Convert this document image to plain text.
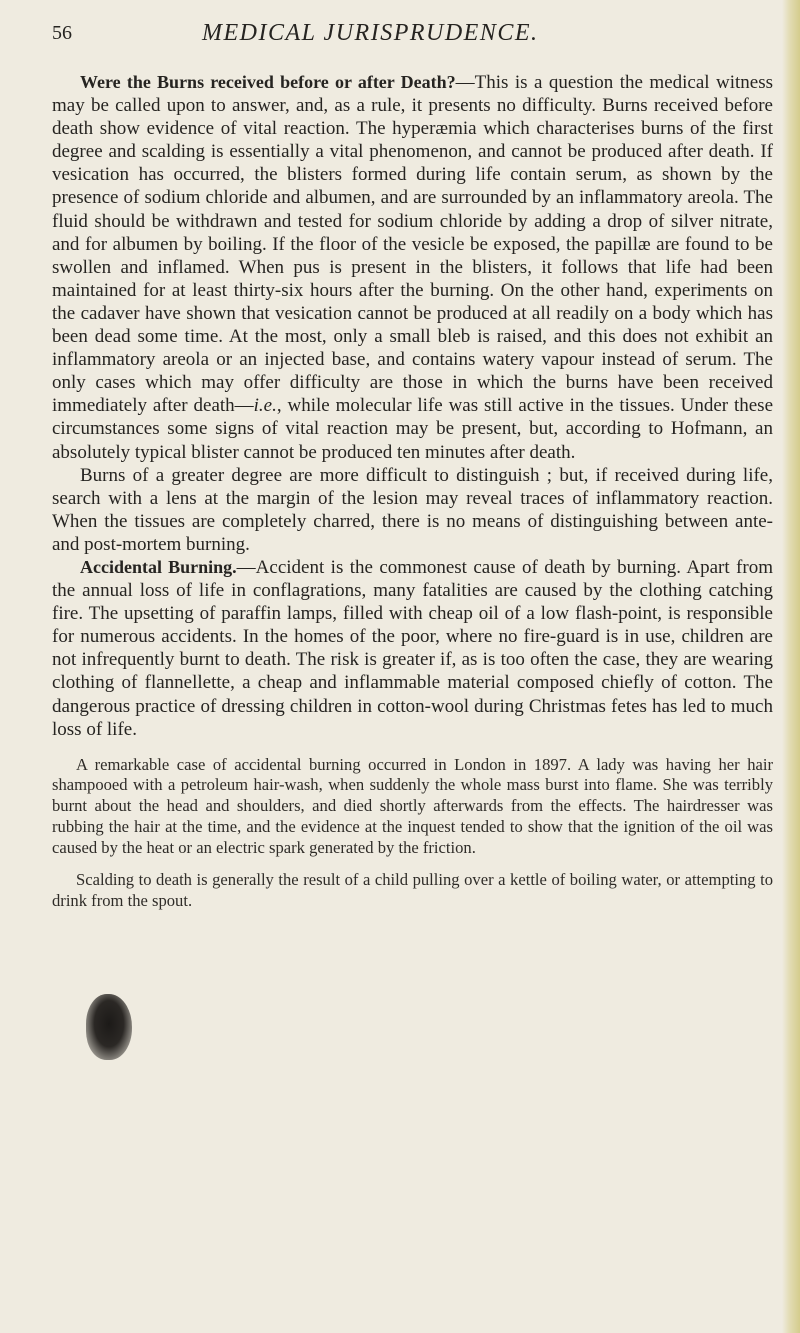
56	MEDICAL JURISPRUDENCE.

Were the Burns received before or after Death?—This is a question the medical witness may be called upon to answer, and, as a rule, it presents no difficulty. Burns received before death show evidence of vital reaction. The hyperæmia which characterises burns of the first degree and scalding is essentially a vital phenomenon, and cannot be produced after death. If vesication has occurred, the blisters formed during life contain serum, as shown by the presence of sodium chloride and albumen, and are surrounded by an inflammatory areola. The fluid should be withdrawn and tested for sodium chloride by adding a drop of silver nitrate, and for albumen by boiling. If the floor of the vesicle be exposed, the papillæ are found to be swollen and inflamed. When pus is present in the blisters, it follows that life had been maintained for at least thirty-six hours after the burning. On the other hand, experiments on the cadaver have shown that vesication cannot be produced at all readily on a body which has been dead some time. At the most, only a small bleb is raised, and this does not exhibit an inflammatory areola or an injected base, and contains watery vapour instead of serum. The only cases which may offer difficulty are those in which the burns have been received immediately after death—i.e., while molecular life was still active in the tissues. Under these circumstances some signs of vital reaction may be present, but, according to Hofmann, an absolutely typical blister cannot be produced ten minutes after death.

Burns of a greater degree are more difficult to distinguish ; but, if received during life, search with a lens at the margin of the lesion may reveal traces of inflammatory reaction. When the tissues are completely charred, there is no means of distinguishing between ante- and post-mortem burning.

Accidental Burning.—Accident is the commonest cause of death by burning. Apart from the annual loss of life in conflagrations, many fatalities are caused by the clothing catching fire. The upsetting of paraffin lamps, filled with cheap oil of a low flash-point, is responsible for numerous accidents. In the homes of the poor, where no fire-guard is in use, children are not infrequently burnt to death. The risk is greater if, as is too often the case, they are wearing clothing of flannellette, a cheap and inflammable material composed chiefly of cotton. The dangerous practice of dressing children in cotton-wool during Christmas fetes has led to much loss of life.

A remarkable case of accidental burning occurred in London in 1897. A lady was having her hair shampooed with a petroleum hair-wash, when suddenly the whole mass burst into flame. She was terribly burnt about the head and shoulders, and died shortly afterwards from the effects. The hairdresser was rubbing the hair at the time, and the evidence at the inquest tended to show that the ignition of the oil was caused by the heat or an electric spark generated by the friction.

Scalding to death is generally the result of a child pulling over a kettle of boiling water, or attempting to drink from the spout.
